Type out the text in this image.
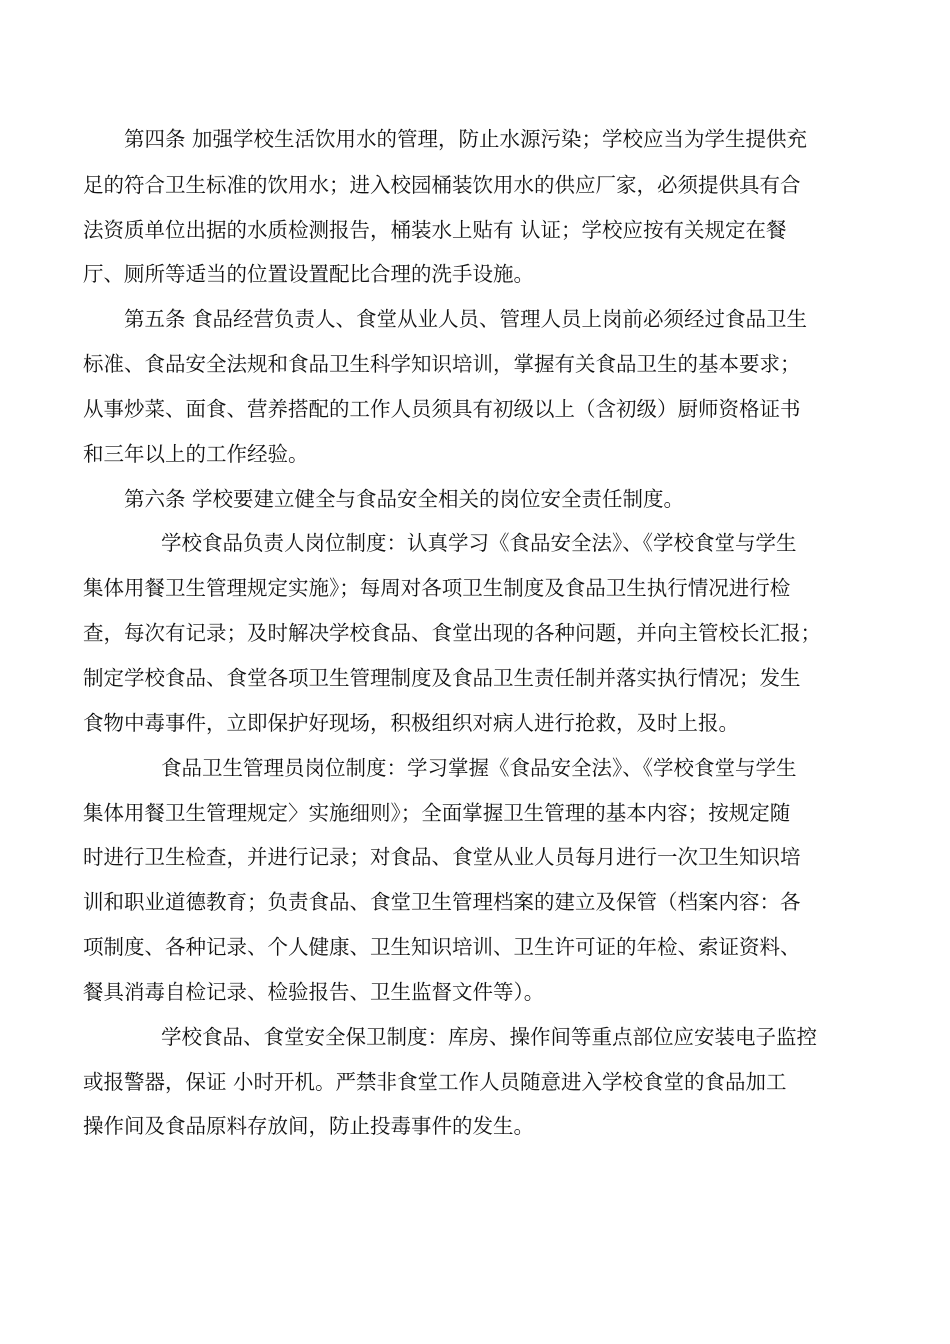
第四条 加强学校生活饮用水的管理，防止水源污染；学校应当为学生提供充
足的符合卫生标准的饮用水；进入校园桶装饮用水的供应厂家，必须提供具有合
法资质单位出据的水质检测报告，桶装水上贴有 认证；学校应按有关规定在餐
厅、厕所等适当的位置设置配比合理的洗手设施。
第五条 食品经营负责人、食堂从业人员、管理人员上岗前必须经过食品卫生
标准、食品安全法规和食品卫生科学知识培训，掌握有关食品卫生的基本要求；
从事炒菜、面食、营养搭配的工作人员须具有初级以上（含初级）厨师资格证书
和三年以上的工作经验。
第六条 学校要建立健全与食品安全相关的岗位安全责任制度。
学校食品负责人岗位制度：认真学习《食品安全法》、《学校食堂与学生
集体用餐卫生管理规定实施》；每周对各项卫生制度及食品卫生执行情况进行检
查，每次有记录；及时解决学校食品、食堂出现的各种问题，并向主管校长汇报；
制定学校食品、食堂各项卫生管理制度及食品卫生责任制并落实执行情况；发生
食物中毒事件，立即保护好现场，积极组织对病人进行抢救，及时上报。
食品卫生管理员岗位制度：学习掌握《食品安全法》、《学校食堂与学生
集体用餐卫生管理规定〉实施细则》；全面掌握卫生管理的基本内容；按规定随
时进行卫生检查，并进行记录；对食品、食堂从业人员每月进行一次卫生知识培
训和职业道德教育；负责食品、食堂卫生管理档案的建立及保管（档案内容：各
项制度、各种记录、个人健康、卫生知识培训、卫生许可证的年检、索证资料、
餐具消毒自检记录、检验报告、卫生监督文件等）。
学校食品、食堂安全保卫制度：库房、操作间等重点部位应安装电子监控
或报警器，保证 小时开机。严禁非食堂工作人员随意进入学校食堂的食品加工
操作间及食品原料存放间，防止投毒事件的发生。
